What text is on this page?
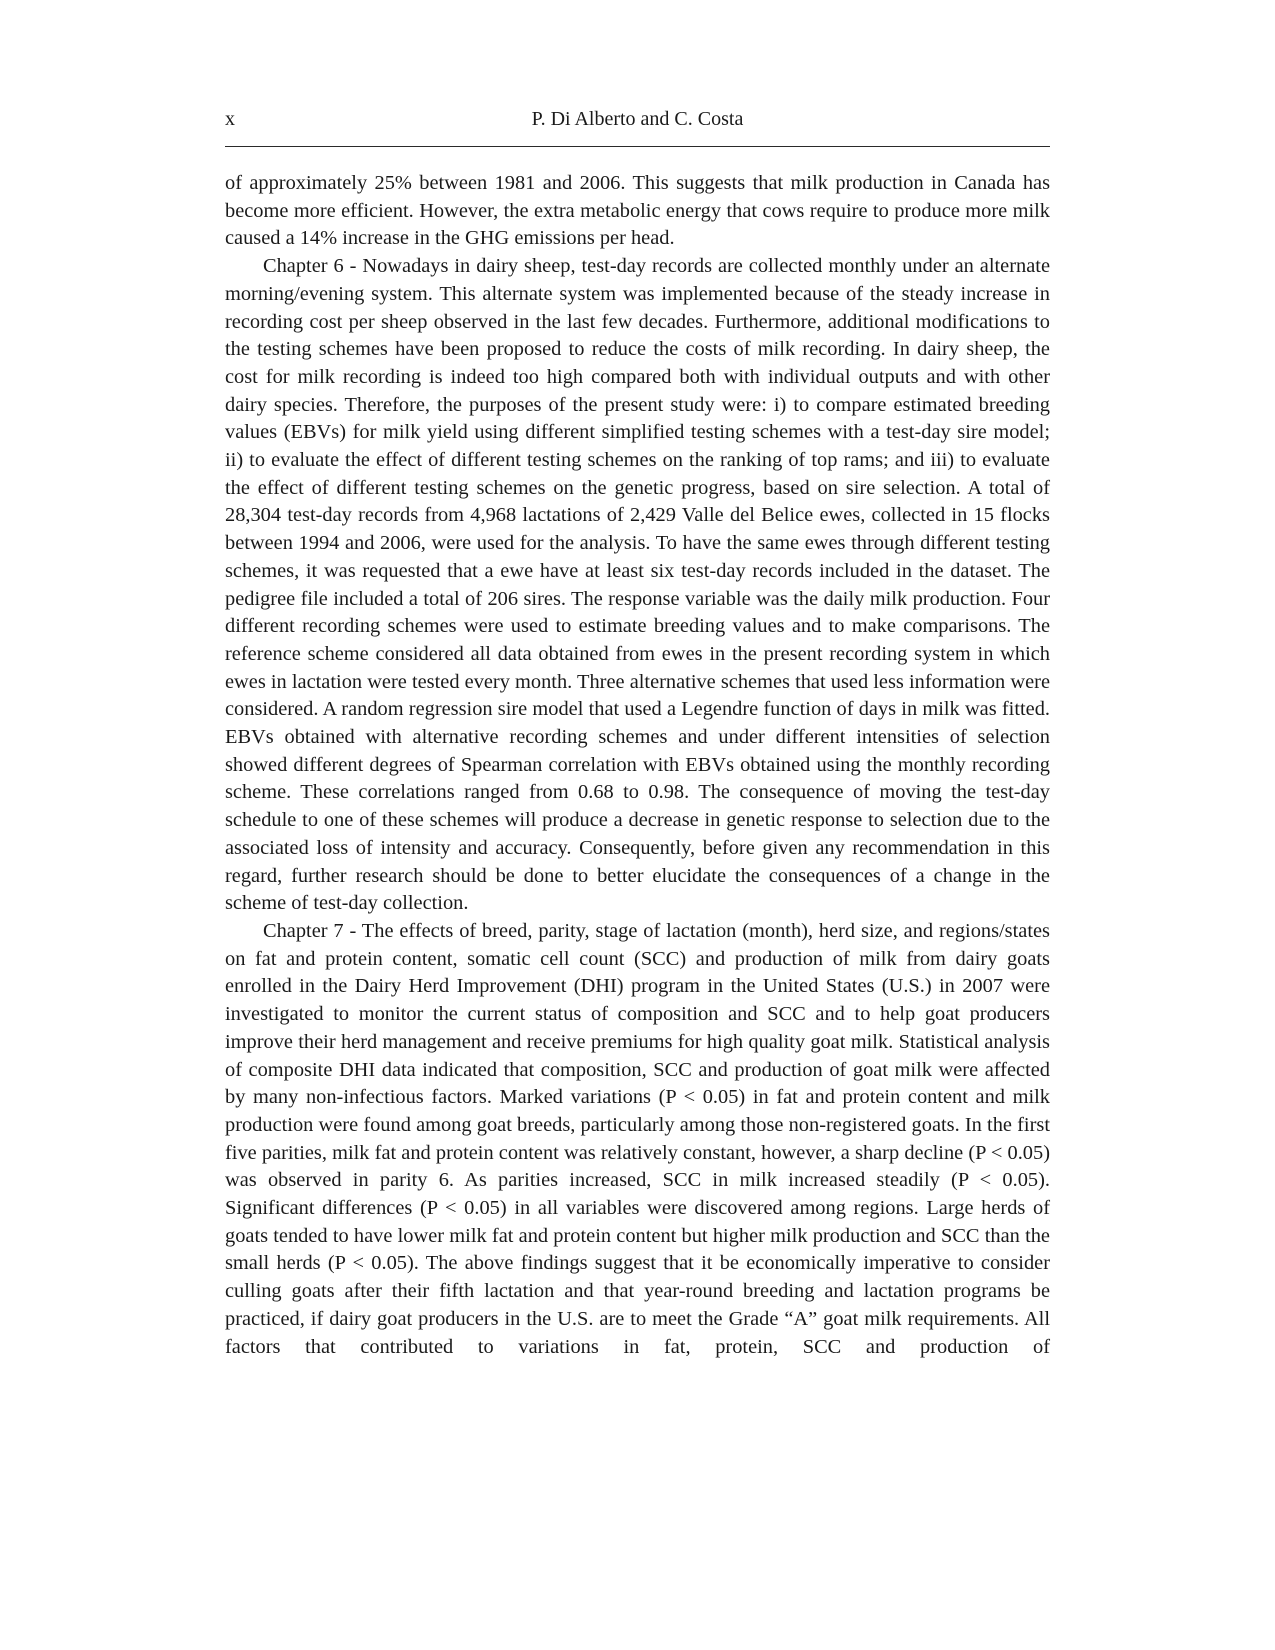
x	P. Di Alberto and C. Costa

of approximately 25% between 1981 and 2006. This suggests that milk production in Canada has become more efficient. However, the extra metabolic energy that cows require to produce more milk caused a 14% increase in the GHG emissions per head.

Chapter 6 - Nowadays in dairy sheep, test-day records are collected monthly under an alternate morning/evening system. This alternate system was implemented because of the steady increase in recording cost per sheep observed in the last few decades. Furthermore, additional modifications to the testing schemes have been proposed to reduce the costs of milk recording. In dairy sheep, the cost for milk recording is indeed too high compared both with individual outputs and with other dairy species. Therefore, the purposes of the present study were: i) to compare estimated breeding values (EBVs) for milk yield using different simplified testing schemes with a test-day sire model; ii) to evaluate the effect of different testing schemes on the ranking of top rams; and iii) to evaluate the effect of different testing schemes on the genetic progress, based on sire selection. A total of 28,304 test-day records from 4,968 lactations of 2,429 Valle del Belice ewes, collected in 15 flocks between 1994 and 2006, were used for the analysis. To have the same ewes through different testing schemes, it was requested that a ewe have at least six test-day records included in the dataset. The pedigree file included a total of 206 sires. The response variable was the daily milk production. Four different recording schemes were used to estimate breeding values and to make comparisons. The reference scheme considered all data obtained from ewes in the present recording system in which ewes in lactation were tested every month. Three alternative schemes that used less information were considered. A random regression sire model that used a Legendre function of days in milk was fitted. EBVs obtained with alternative recording schemes and under different intensities of selection showed different degrees of Spearman correlation with EBVs obtained using the monthly recording scheme. These correlations ranged from 0.68 to 0.98. The consequence of moving the test-day schedule to one of these schemes will produce a decrease in genetic response to selection due to the associated loss of intensity and accuracy. Consequently, before given any recommendation in this regard, further research should be done to better elucidate the consequences of a change in the scheme of test-day collection.

Chapter 7 - The effects of breed, parity, stage of lactation (month), herd size, and regions/states on fat and protein content, somatic cell count (SCC) and production of milk from dairy goats enrolled in the Dairy Herd Improvement (DHI) program in the United States (U.S.) in 2007 were investigated to monitor the current status of composition and SCC and to help goat producers improve their herd management and receive premiums for high quality goat milk. Statistical analysis of composite DHI data indicated that composition, SCC and production of goat milk were affected by many non-infectious factors. Marked variations (P < 0.05) in fat and protein content and milk production were found among goat breeds, particularly among those non-registered goats. In the first five parities, milk fat and protein content was relatively constant, however, a sharp decline (P < 0.05) was observed in parity 6. As parities increased, SCC in milk increased steadily (P < 0.05). Significant differences (P < 0.05) in all variables were discovered among regions. Large herds of goats tended to have lower milk fat and protein content but higher milk production and SCC than the small herds (P < 0.05). The above findings suggest that it be economically imperative to consider culling goats after their fifth lactation and that year-round breeding and lactation programs be practiced, if dairy goat producers in the U.S. are to meet the Grade “A” goat milk requirements. All factors that contributed to variations in fat, protein, SCC and production of
